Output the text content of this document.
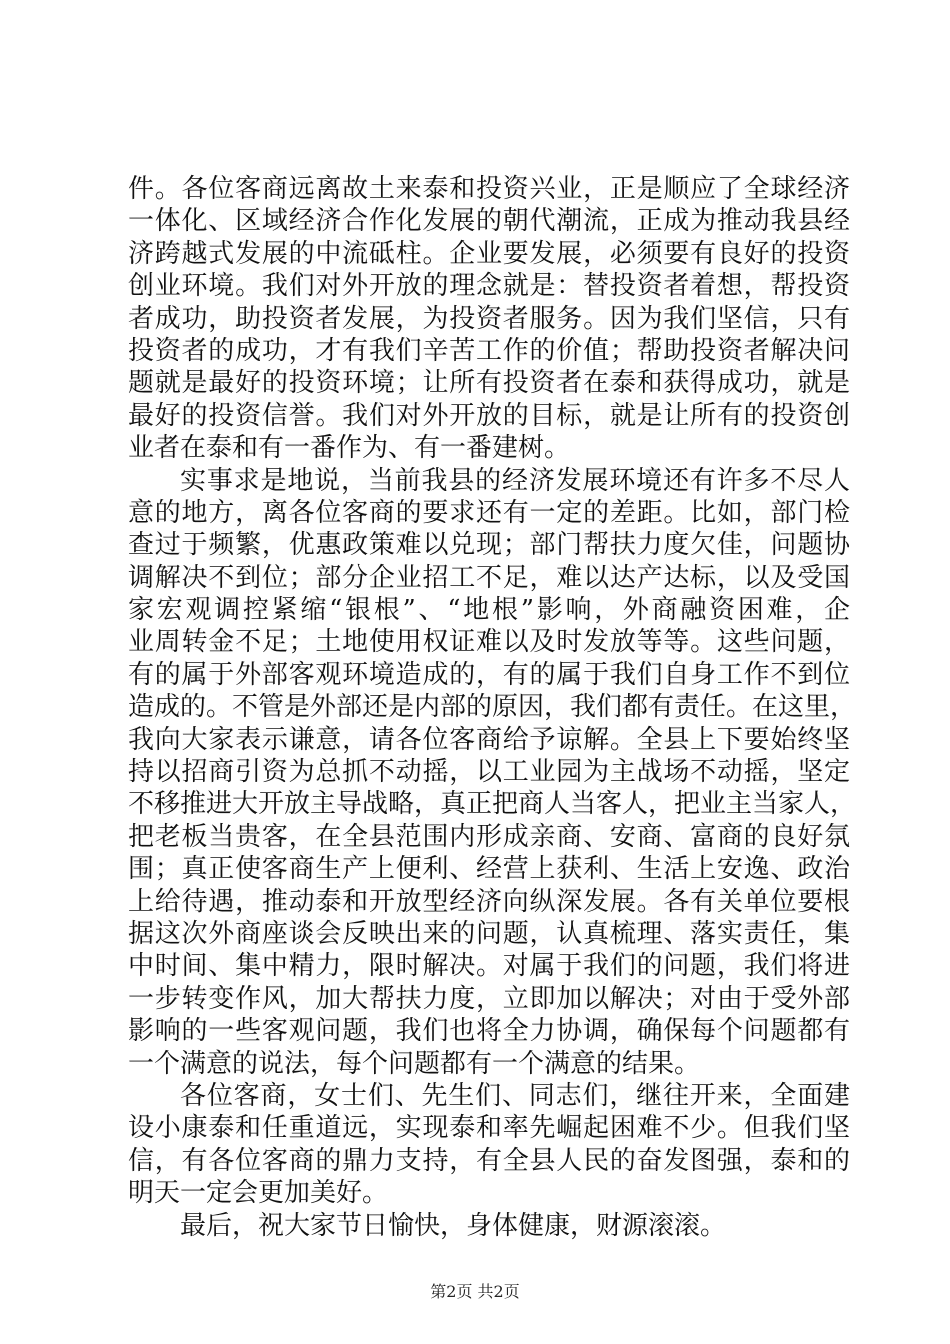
件。各位客商远离故土来泰和投资兴业，正是顺应了全球经济
一体化、区域经济合作化发展的朝代潮流，正成为推动我县经
济跨越式发展的中流砥柱。企业要发展，必须要有良好的投资
创业环境。我们对外开放的理念就是：替投资者着想，帮投资
者成功，助投资者发展，为投资者服务。因为我们坚信，只有
投资者的成功，才有我们辛苦工作的价值；帮助投资者解决问
题就是最好的投资环境；让所有投资者在泰和获得成功，就是
最好的投资信誉。我们对外开放的目标，就是让所有的投资创
业者在泰和有一番作为、有一番建树。
实事求是地说，当前我县的经济发展环境还有许多不尽人
意的地方，离各位客商的要求还有一定的差距。比如，部门检
查过于频繁，优惠政策难以兑现；部门帮扶力度欠佳，问题协
调解决不到位；部分企业招工不足，难以达产达标，以及受国
家宏观调控紧缩“银根”、“地根”影响，外商融资困难，企
业周转金不足；土地使用权证难以及时发放等等。这些问题，
有的属于外部客观环境造成的，有的属于我们自身工作不到位
造成的。不管是外部还是内部的原因，我们都有责任。在这里，
我向大家表示谦意，请各位客商给予谅解。全县上下要始终坚
持以招商引资为总抓不动摇，以工业园为主战场不动摇，坚定
不移推进大开放主导战略，真正把商人当客人，把业主当家人，
把老板当贵客，在全县范围内形成亲商、安商、富商的良好氛
围；真正使客商生产上便利、经营上获利、生活上安逸、政治
上给待遇，推动泰和开放型经济向纵深发展。各有关单位要根
据这次外商座谈会反映出来的问题，认真梳理、落实责任，集
中时间、集中精力，限时解决。对属于我们的问题，我们将进
一步转变作风，加大帮扶力度，立即加以解决；对由于受外部
影响的一些客观问题，我们也将全力协调，确保每个问题都有
一个满意的说法，每个问题都有一个满意的结果。
各位客商，女士们、先生们、同志们，继往开来，全面建
设小康泰和任重道远，实现泰和率先崛起困难不少。但我们坚
信，有各位客商的鼎力支持，有全县人民的奋发图强，泰和的
明天一定会更加美好。
最后，祝大家节日愉快，身体健康，财源滚滚。
第2页 共2页
